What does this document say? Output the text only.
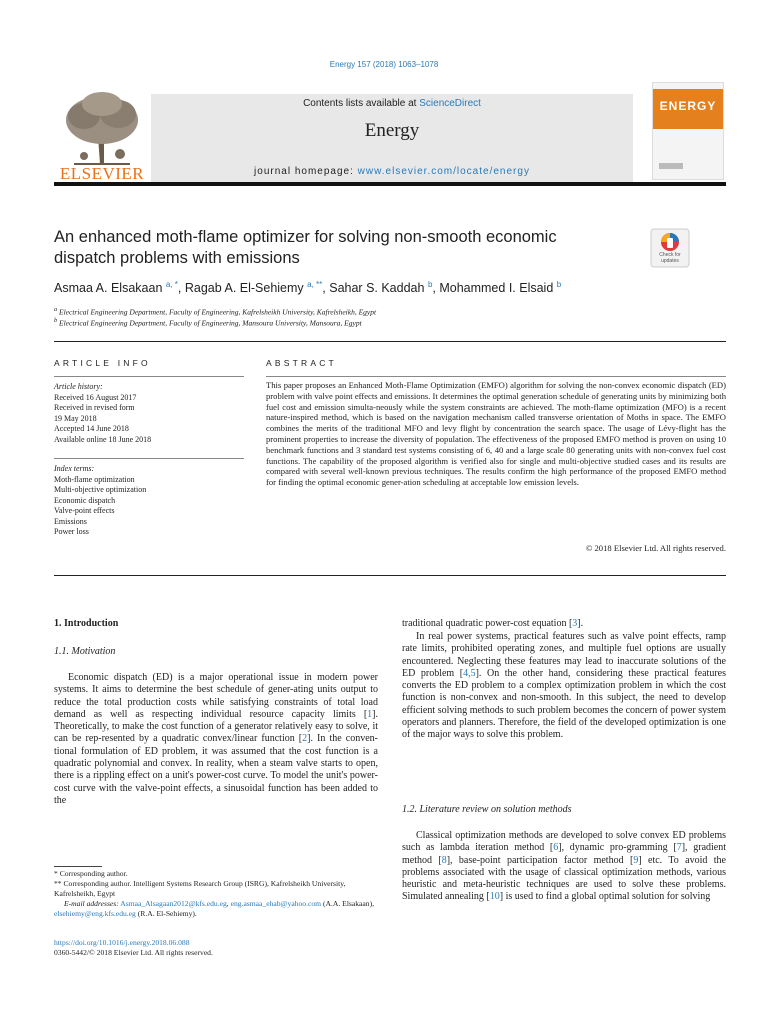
Energy 157 (2018) 1063–1078
ELSEVIER
Contents lists available at ScienceDirect
Energy
journal homepage: www.elsevier.com/locate/energy
ENERGY
An enhanced moth-flame optimizer for solving non-smooth economic
dispatch problems with emissions	Check for
updates
Asmaa A. Elsakaan $^{a, *}$, Ragab A. El-Sehiemy $^{a, **}$, Sahar S. Kaddah $^b$, Mohammed I. Elsaid $^b$
$^a$ Electrical Engineering Department, Faculty of Engineering, Kafrelsheikh University, Kafrelsheikh, Egypt
$^b$ Electrical Engineering Department, Faculty of Engineering, Mansoura University, Mansoura, Egypt
ARTICLE INFO	ABSTRACT
Article history:
Received 16 August 2017
Received in revised form
19 May 2018
Accepted 14 June 2018
Available online 18 June 2018
Index terms:
Moth-flame optimization
Multi-objective optimization
Economic dispatch
Valve-point effects
Emissions
Power loss
This paper proposes an Enhanced Moth-Flame Optimization (EMFO) algorithm for solving the non-convex economic dispatch (ED) problem with valve point effects and emissions. It determines the optimal generation schedule of generating units by minimizing both fuel cost and emission simulta-neously while the system constraints are achieved. The moth-flame optimization (MFO) is a recent nature-inspired method, which is based on the navigation mechanism called transverse orientation of Moths in space. The EMFO combines the merits of the traditional MFO and levy flight by concentration the search space. The usage of Lévy-flight has the prominent properties to increase the diversity of population. The effectiveness of the proposed EMFO method is proven on using 10 benchmark functions and 3 standard test systems consisting of 6, 40 and a large scale 80 generating units with non-convex fuel cost functions. The capability of the proposed algorithm is verified also for single and multi-objective studied cases and its results are compared with several well-known previous techniques. The results confirm the high performance of the proposed EMFO method for finding the optimal economic gener-ation scheduling at acceptable low emission levels.
© 2018 Elsevier Ltd. All rights reserved.
1. Introduction
1.1. Motivation
Economic dispatch (ED) is a major operational issue in modern power systems. It aims to determine the best schedule of gener-ating units output to reduce the total production costs while satisfying constraints of total load demand as well as respecting individual resource capacity limits [1]. Theoretically, to make the cost function of a generator relatively easy to solve, it can be rep-resented by a quadratic convex/linear function [2]. In the conven-tional formulation of ED problem, it was assumed that the cost function is a quadratic polynomial and convex. In reality, when a steam valve starts to open, there is a rippling effect on a unit's power-cost curve. To model the unit's power-cost curve with the valve-point effects, a sinusoidal function has been added to the
traditional quadratic power-cost equation [3].
In real power systems, practical features such as valve point effects, ramp rate limits, prohibited operating zones, and multiple fuel options are usually encountered. Neglecting these features may lead to inaccurate solutions of the ED problem [4,5]. On the other hand, considering these practical features converts the ED problem to a complex optimization problem in which the cost function is non-convex and non-smooth. In this subject, the need to develop efficient solving methods to such problem becomes the concern of power system operators and planners. Therefore, the field of the developed optimization is one of the major ways to solve this problem.
1.2. Literature review on solution methods
Classical optimization methods are developed to solve convex ED problems such as lambda iteration method [6], dynamic pro-gramming [7], gradient method [8], base-point participation factor method [9] etc. To avoid the problems associated with the usage of classical optimization methods, various heuristic and meta-heuristic techniques are used to solve these problems. Simulated annealing [10] is used to find a global optimal solution for solving
* Corresponding author.
** Corresponding author. Intelligent Systems Research Group (ISRG), Kafrelsheikh University, Kafrelsheikh, Egypt
E-mail addresses: Asmaa_Alsagaan2012@kfs.edu.eg, eng.asmaa_ehab@yahoo.com (A.A. Elsakaan), elsehiemy@eng.kfs.edu.eg (R.A. El-Sehiemy).
https://doi.org/10.1016/j.energy.2018.06.088
0360-5442/© 2018 Elsevier Ltd. All rights reserved.
